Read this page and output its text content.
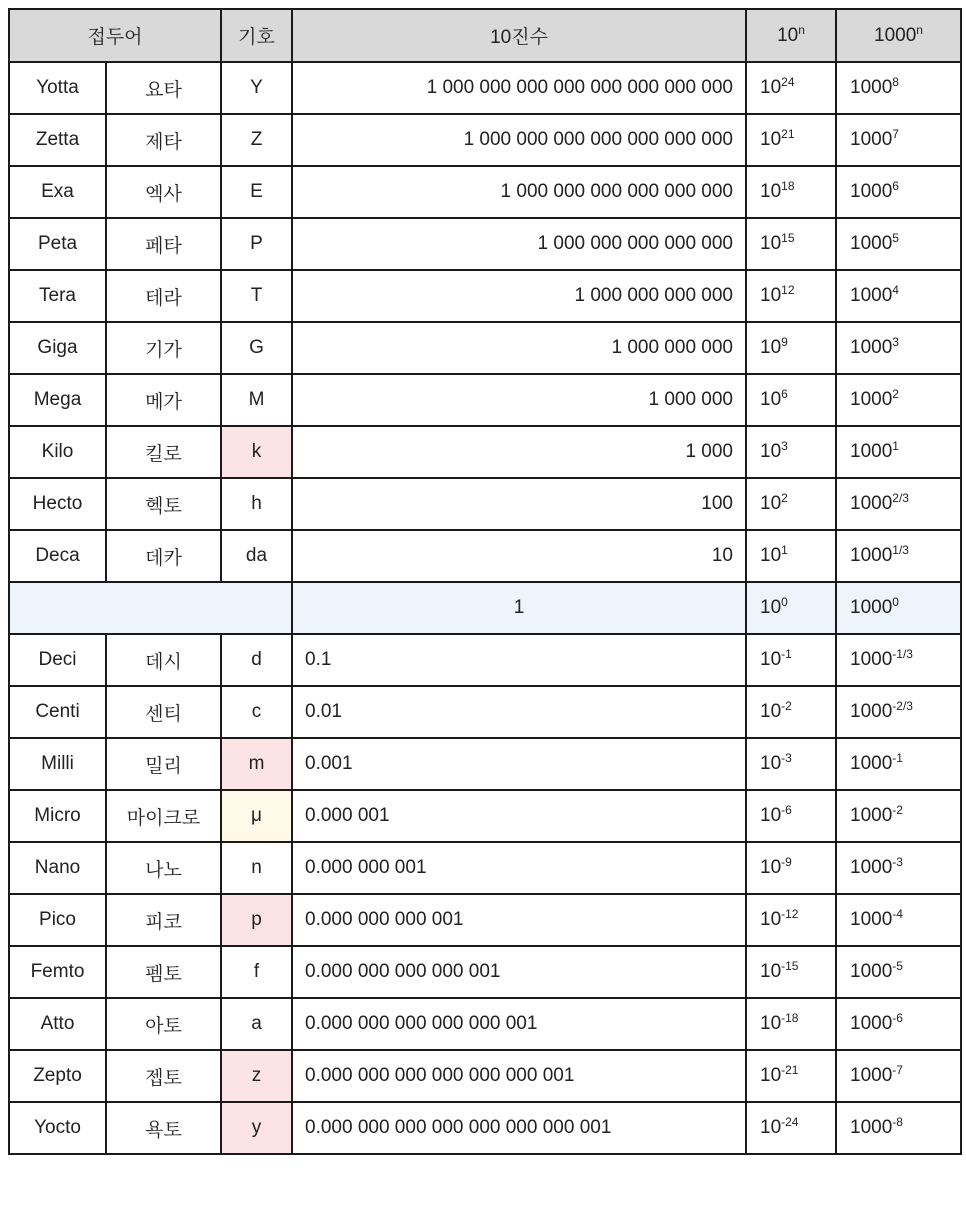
접두어		기호	10진수	10$^n$	1000$^n$
Yotta	요타	Y	1 000 000 000 000 000 000 000 000	$10^{24}$	1000$^8$
Zetta	제타	Z	1 000 000 000 000 000 000 000	$10^{21}$	1000$^7$
Exa	엑사	E	1 000 000 000 000 000 000	$10^{18}$	1000$^6$
Peta	페타	P	1 000 000 000 000 000	$10^{15}$	1000$^5$
Tera	테라	T	1 000 000 000 000	$10^{12}$	1000$^4$
Giga	기가	G	1 000 000 000	$10^9$	1000$^3$
Mega	메가	M	1 000 000	$10^6$	1000$^2$
Kilo	킬로	k	1 000	$10^3$	1000$^1$
Hecto	헥토	h	100	$10^2$	$1000^{2/3}$
Deca	데카	da	10	$10^1$	$1000^{1/3}$
			1	$10^0$	1000$^0$
Deci	데시	d	0.1	$10^{-1}$	$1000^{-1/3}$
Centi	센티	c	0.01	$10^{-2}$	$1000^{-2/3}$
Milli	밀리	m	0.001	$10^{-3}$	$1000^{-1}$
Micro	마이크로	μ	0.000 001	$10^{-6}$	$1000^{-2}$
Nano	나노	n	0.000 000 001	$10^{-9}$	$1000^{-3}$
Pico	피코	p	0.000 000 000 001	$10^{-12}$	$1000^{-4}$
Femto	펨토	f	0.000 000 000 000 001	$10^{-15}$	$1000^{-5}$
Atto	아토	a	0.000 000 000 000 000 001	$10^{-18}$	$1000^{-6}$
Zepto	젭토	z	0.000 000 000 000 000 000 001	$10^{-21}$	$1000^{-7}$
Yocto	욕토	y	0.000 000 000 000 000 000 000 001	$10^{-24}$	$1000^{-8}$
